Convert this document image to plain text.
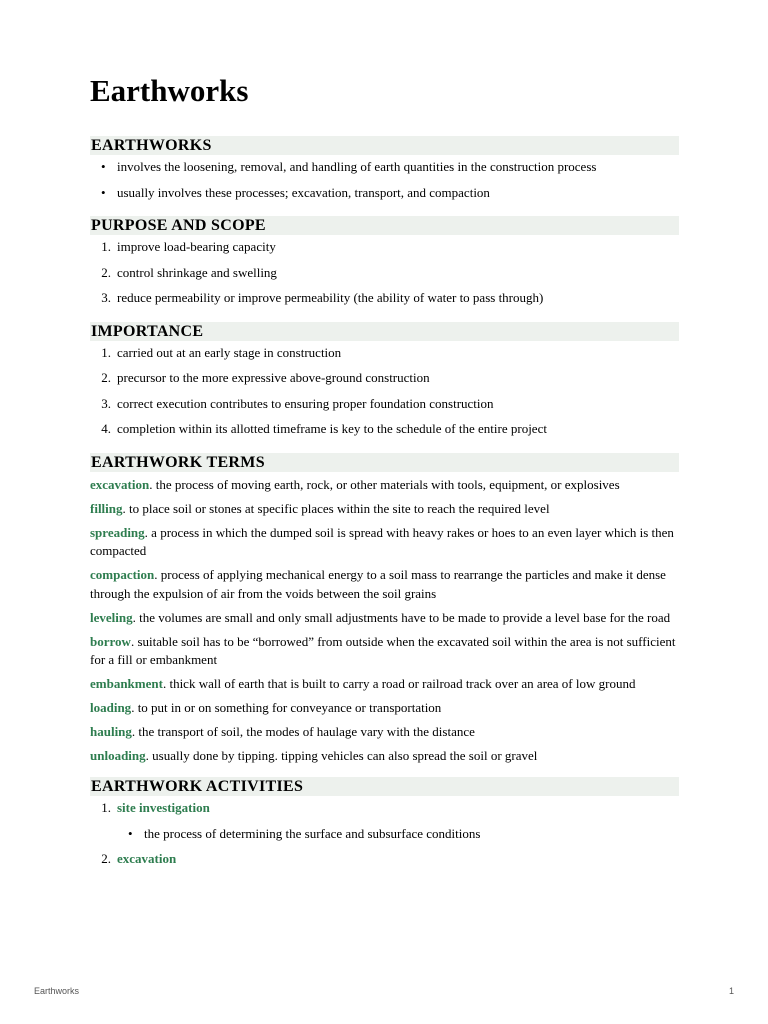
Earthworks
EARTHWORKS
• involves the loosening, removal, and handling of earth quantities in the construction process
• usually involves these processes; excavation, transport, and compaction
PURPOSE AND SCOPE
1. improve load-bearing capacity
2. control shrinkage and swelling
3. reduce permeability or improve permeability (the ability of water to pass through)
IMPORTANCE
1. carried out at an early stage in construction
2. precursor to the more expressive above-ground construction
3. correct execution contributes to ensuring proper foundation construction
4. completion within its allotted timeframe is key to the schedule of the entire project
EARTHWORK TERMS

excavation. the process of moving earth, rock, or other materials with tools, equipment, or explosives

filling. to place soil or stones at specific places within the site to reach the required level

spreading. a process in which the dumped soil is spread with heavy rakes or hoes to an even layer which is then compacted

compaction. process of applying mechanical energy to a soil mass to rearrange the particles and make it dense through the expulsion of air from the voids between the soil grains

leveling. the volumes are small and only small adjustments have to be made to provide a level base for the road

borrow. suitable soil has to be “borrowed” from outside when the excavated soil within the area is not sufficient for a fill or embankment

embankment. thick wall of earth that is built to carry a road or railroad track over an area of low ground

loading. to put in or on something for conveyance or transportation

hauling. the transport of soil, the modes of haulage vary with the distance

unloading. usually done by tipping. tipping vehicles can also spread the soil or gravel

EARTHWORK ACTIVITIES
1. site investigation
• the process of determining the surface and subsurface conditions
2. excavation
Earthworks	1
